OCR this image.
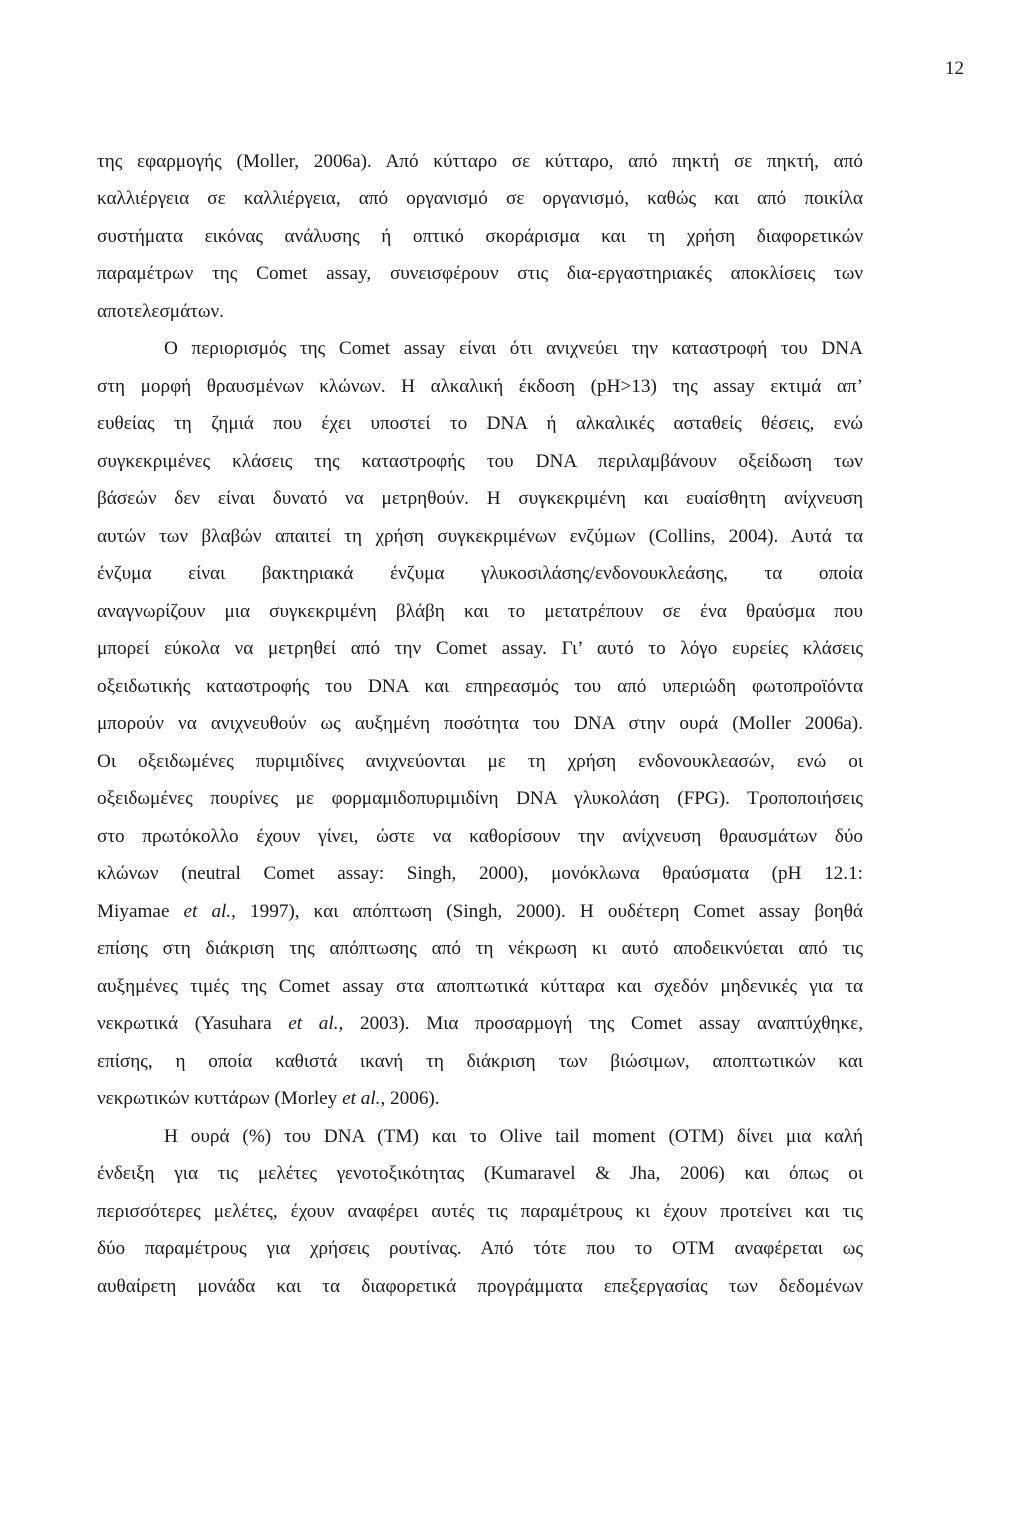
12
της εφαρμογής (Moller, 2006a). Από κύτταρο σε κύτταρο, από πηκτή σε πηκτή, από
καλλιέργεια σε καλλιέργεια, από οργανισμό σε οργανισμό, καθώς και από ποικίλα
συστήματα εικόνας ανάλυσης ή οπτικό σκοράρισμα και τη χρήση διαφορετικών
παραμέτρων της Comet assay, συνεισφέρουν στις δια-εργαστηριακές αποκλίσεις των
αποτελεσμάτων.
Ο περιορισμός της Comet assay είναι ότι ανιχνεύει την καταστροφή του DNA
στη μορφή θραυσμένων κλώνων. Η αλκαλική έκδοση (pH>13) της assay εκτιμά απ’
ευθείας τη ζημιά που έχει υποστεί το DNA ή αλκαλικές ασταθείς θέσεις, ενώ
συγκεκριμένες κλάσεις της καταστροφής του DNA περιλαμβάνουν οξείδωση των
βάσεών δεν είναι δυνατό να μετρηθούν. Η συγκεκριμένη και ευαίσθητη ανίχνευση
αυτών των βλαβών απαιτεί τη χρήση συγκεκριμένων ενζύμων (Collins, 2004). Αυτά τα
ένζυμα είναι βακτηριακά ένζυμα γλυκοσιλάσης/ενδονουκλεάσης, τα οποία
αναγνωρίζουν μια συγκεκριμένη βλάβη και το μετατρέπουν σε ένα θραύσμα που
μπορεί εύκολα να μετρηθεί από την Comet assay. Γι’ αυτό το λόγο ευρείες κλάσεις
οξειδωτικής καταστροφής του DNA και επηρεασμός του από υπεριώδη φωτοπροϊόντα
μπορούν να ανιχνευθούν ως αυξημένη ποσότητα του DNA στην ουρά (Moller 2006a).
Οι οξειδωμένες πυριμιδίνες ανιχνεύονται με τη χρήση ενδονουκλεασών, ενώ οι
οξειδωμένες πουρίνες με φορμαμιδοπυριμιδίνη DNA γλυκολάση (FPG). Τροποποιήσεις
στο πρωτόκολλο έχουν γίνει, ώστε να καθορίσουν την ανίχνευση θραυσμάτων δύο
κλώνων (neutral Comet assay: Singh, 2000), μονόκλωνα θραύσματα (pH 12.1:
Miyamae et al., 1997), και απόπτωση (Singh, 2000). Η ουδέτερη Comet assay βοηθά
επίσης στη διάκριση της απόπτωσης από τη νέκρωση κι αυτό αποδεικνύεται από τις
αυξημένες τιμές της Comet assay στα αποπτωτικά κύτταρα και σχεδόν μηδενικές για τα
νεκρωτικά (Yasuhara et al., 2003). Μια προσαρμογή της Comet assay αναπτύχθηκε,
επίσης, η οποία καθιστά ικανή τη διάκριση των βιώσιμων, αποπτωτικών και
νεκρωτικών κυττάρων (Morley et al., 2006).
Η ουρά (%) του DNA (TM) και το Olive tail moment (OTM) δίνει μια καλή
ένδειξη για τις μελέτες γενοτοξικότητας (Kumaravel & Jha, 2006) και όπως οι
περισσότερες μελέτες, έχουν αναφέρει αυτές τις παραμέτρους κι έχουν προτείνει και τις
δύο παραμέτρους για χρήσεις ρουτίνας. Από τότε που το OTM αναφέρεται ως
αυθαίρετη μονάδα και τα διαφορετικά προγράμματα επεξεργασίας των δεδομένων
